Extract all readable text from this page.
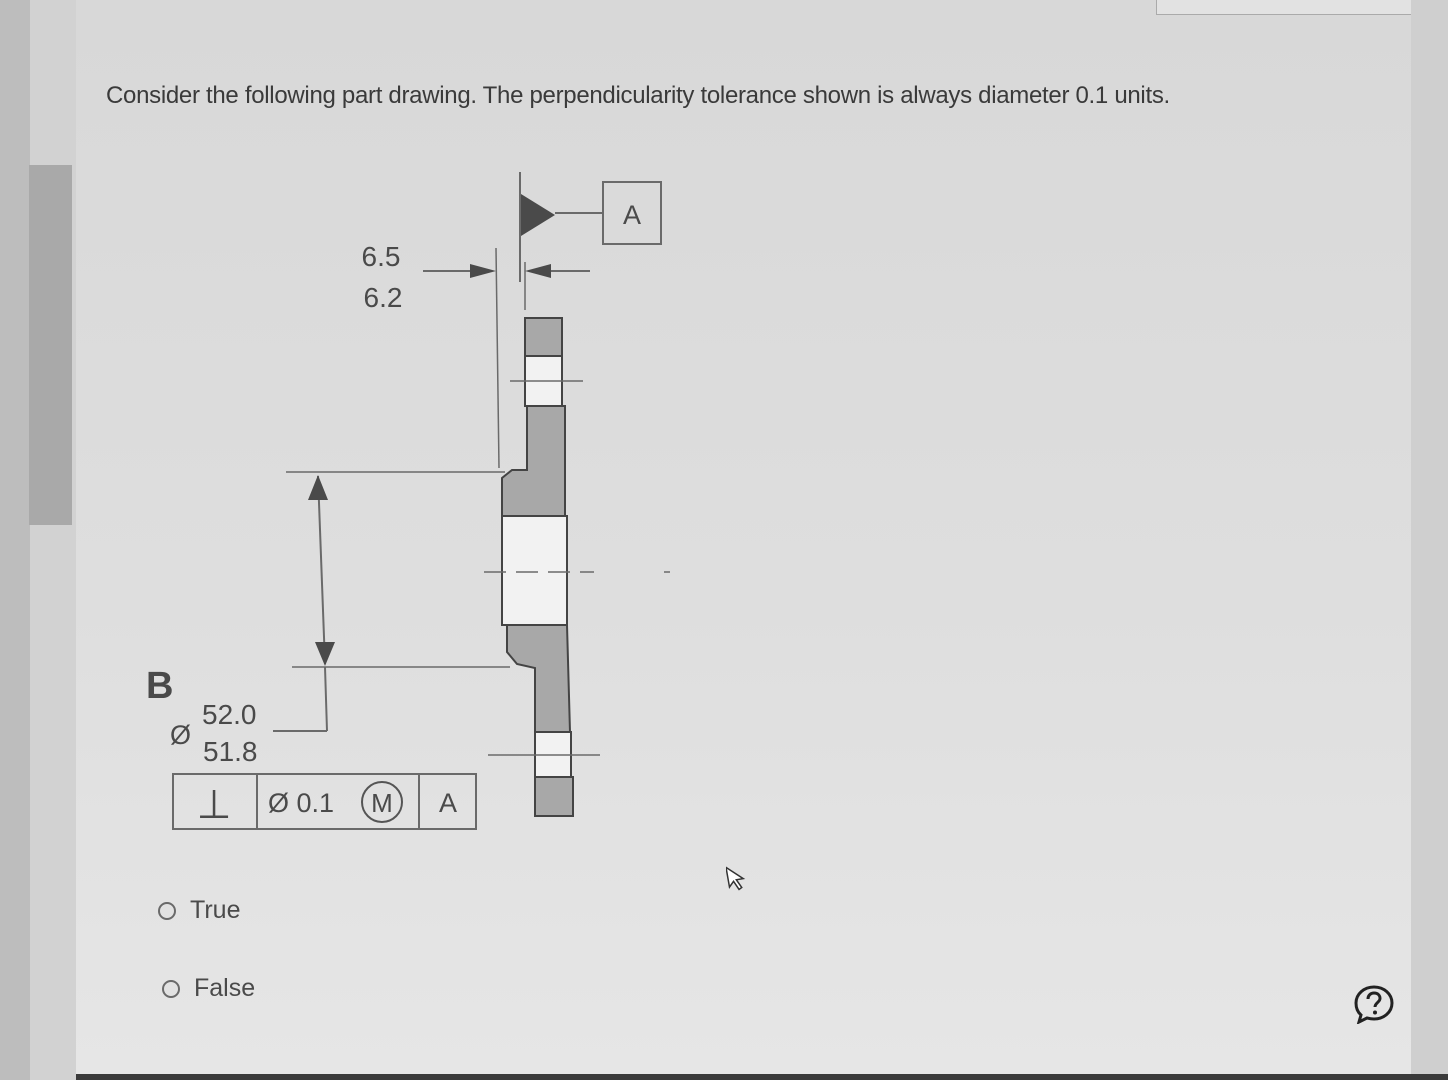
Consider the following part drawing. The perpendicularity tolerance shown is always diameter 0.1 units.
A
6.5
6.2
B
Ø
52.0
51.8
⊥ Ø 0.1 M A
True
False
